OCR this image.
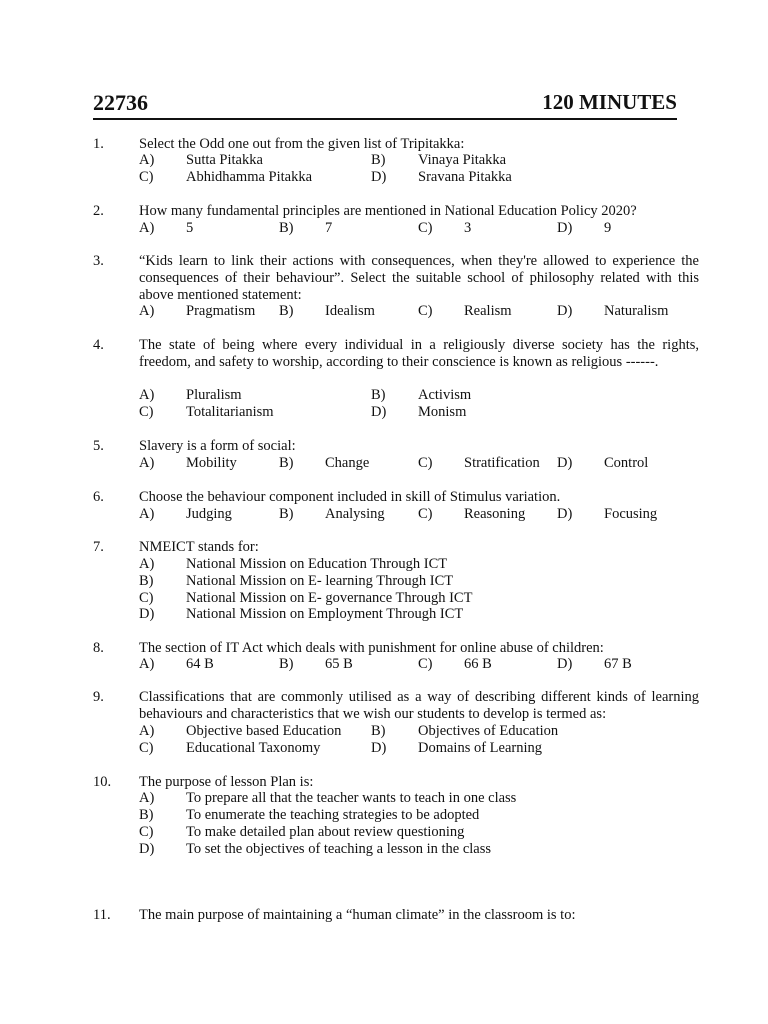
22736	120 MINUTES
1. Select the Odd one out from the given list of Tripitakka:
A) Sutta Pitakka	B) Vinaya Pitakka
C) Abhidhamma Pitakka	D) Sravana Pitakka
2. How many fundamental principles are mentioned in National Education Policy 2020?
A) 5	B) 7	C) 3	D) 9
3. “Kids learn to link their actions with consequences, when they're allowed to experience the consequences of their behaviour”. Select the suitable school of philosophy related with this above mentioned statement:
A) Pragmatism B) Idealism	C) Realism	D) Naturalism
4. The state of being where every individual in a religiously diverse society has the rights, freedom, and safety to worship, according to their conscience is known as religious ------.
A) Pluralism	B) Activism
C) Totalitarianism	D) Monism
5. Slavery is a form of social:
A) Mobility	B) Change	C) Stratification D) Control
6. Choose the behaviour component included in skill of Stimulus variation.
A) Judging	B) Analysing C) Reasoning D) Focusing
7. NMEICT stands for:
A) National Mission on Education Through ICT
B) National Mission on E- learning Through ICT
C) National Mission on E- governance Through ICT
D) National Mission on Employment Through ICT
8. The section of IT Act which deals with punishment for online abuse of children:
A) 64 B	B) 65 B	C) 66 B	D) 67 B
9. Classifications that are commonly utilised as a way of describing different kinds of learning behaviours and characteristics that we wish our students to develop is termed as:
A) Objective based Education B) Objectives of Education
C) Educational Taxonomy	D) Domains of Learning
10. The purpose of lesson Plan is:
A) To prepare all that the teacher wants to teach in one class
B) To enumerate the teaching strategies to be adopted
C) To make detailed plan about review questioning
D) To set the objectives of teaching a lesson in the class
11. The main purpose of maintaining a “human climate” in the classroom is to:
